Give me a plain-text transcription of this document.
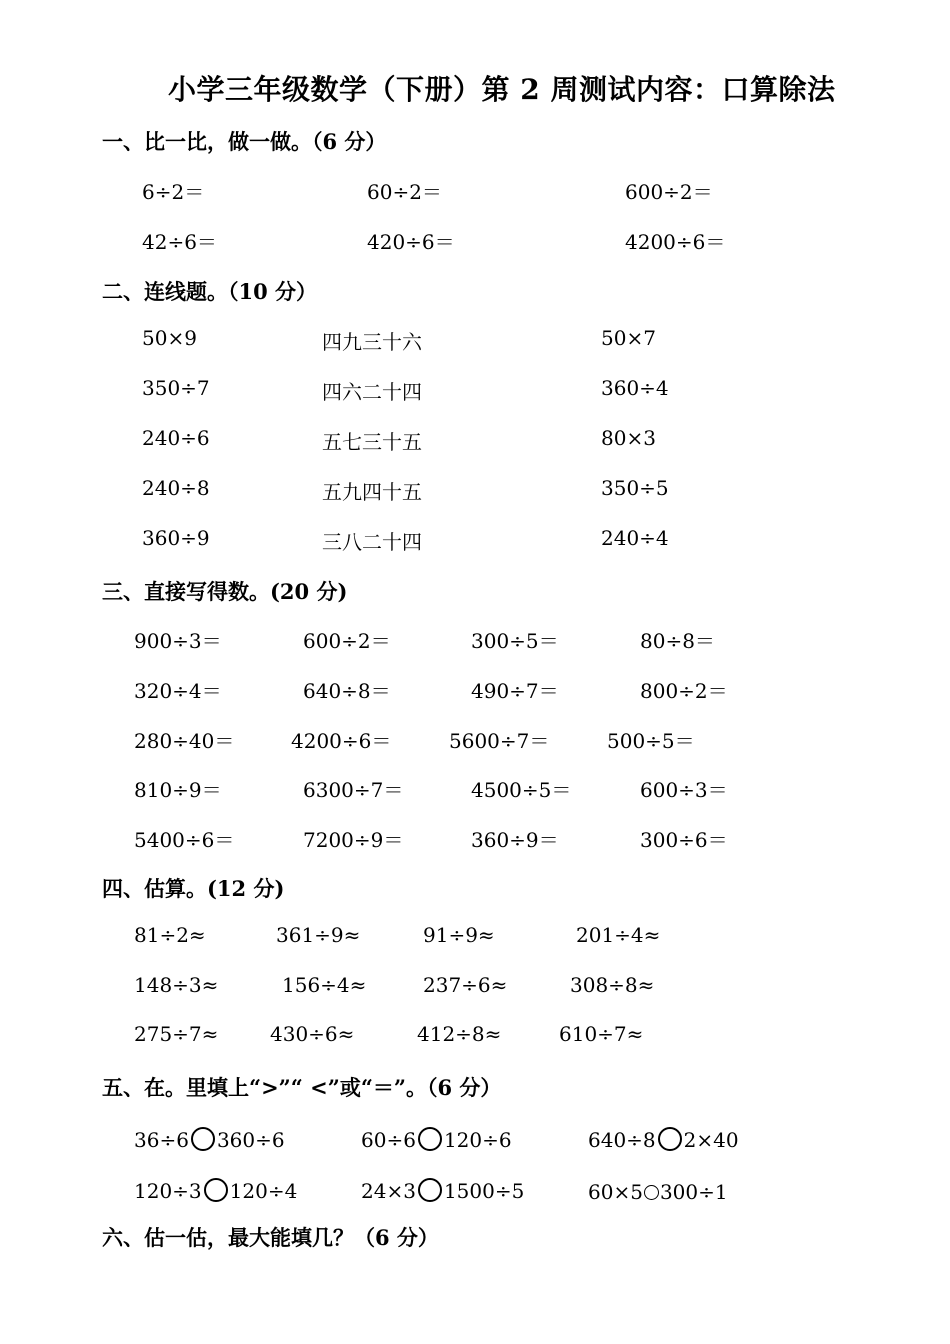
小学三年级数学（下册）第 2 周测试内容：口算除法
一、比一比，做一做。（6 分）
6÷2＝	60÷2＝	600÷2＝
42÷6＝	420÷6＝	4200÷6＝
二、连线题。（10 分）
50×9	四九三十六	50×7
350÷7	四六二十四	360÷4
240÷6	五七三十五	80×3
240÷8	五九四十五	350÷5
360÷9	三八二十四	240÷4
三、直接写得数。(20 分)
900÷3＝	600÷2＝	300÷5＝	80÷8＝
320÷4＝	640÷8＝	490÷7＝	800÷2＝
280÷40＝	4200÷6＝	5600÷7＝	500÷5＝
810÷9＝	6300÷7＝	4500÷5＝	600÷3＝
5400÷6＝	7200÷9＝	360÷9＝	300÷6＝
四、估算。(12 分)
81÷2≈	361÷9≈	91÷9≈	201÷4≈
148÷3≈	156÷4≈	237÷6≈	308÷8≈
275÷7≈	430÷6≈	412÷8≈	610÷7≈
五、在。里填上“>”“ <”或“＝”。（6 分）
36÷6 360÷6	60÷6 120÷6	640÷8 2×40
120÷3 120÷4	24×3 1500÷5	60×5 300÷1
六、估一估，最大能填几？（6 分）
